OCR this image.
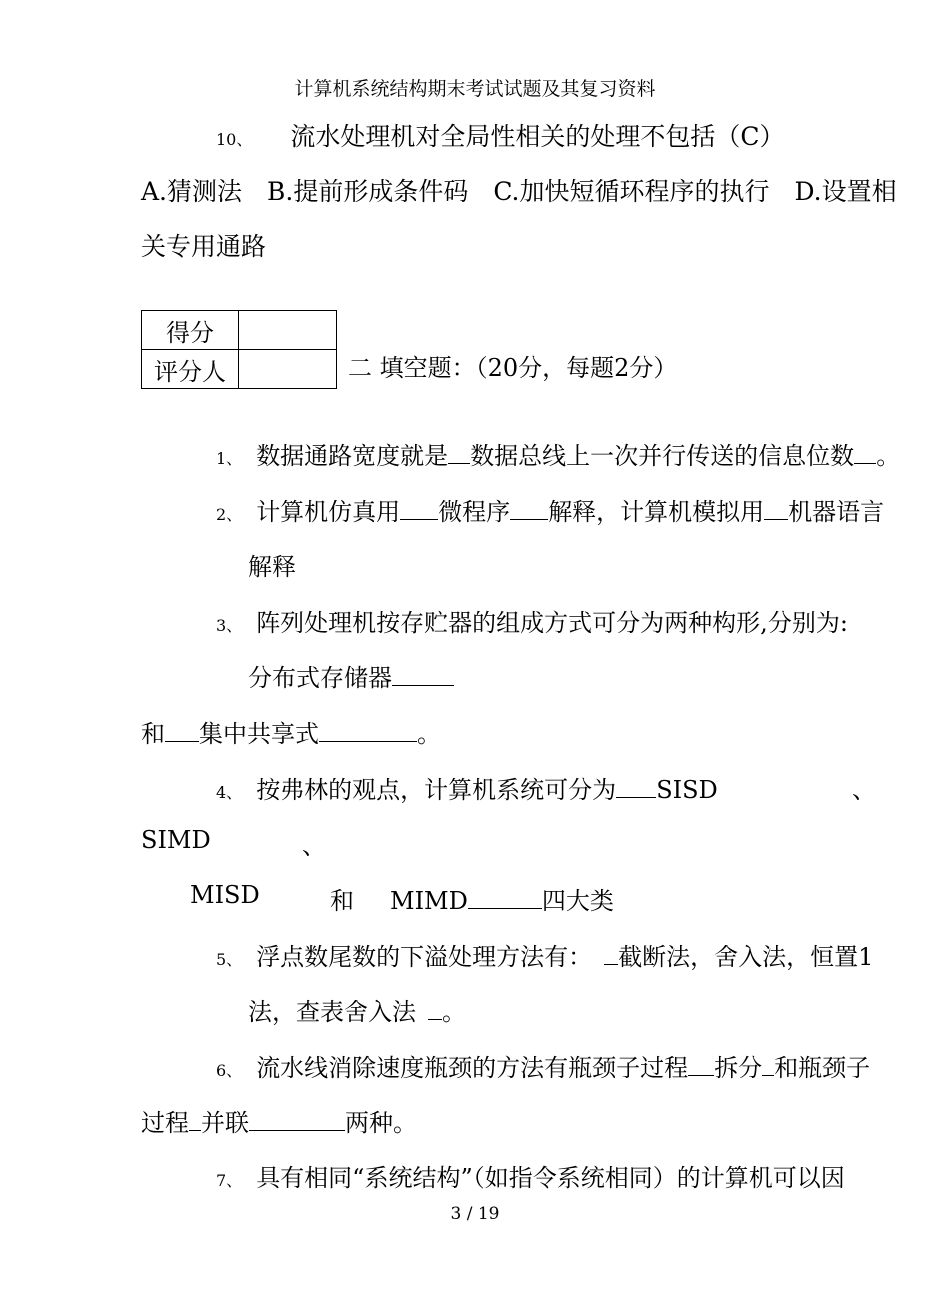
计算机系统结构期末考试试题及其复习资料
10、 流水处理机对全局性相关的处理不包括（C）
A.猜测法　B.提前形成条件码　C.加快短循环程序的执行　D.设置相
关专用通路
得分	
评分人		二 填空题：（20分，每题2分）
1、 数据通路宽度就是 数据总线上一次并行传送的信息位数 。
2、 计算机仿真用 微程序 解释，计算机模拟用 机器语言
解释
3、 阵列处理机按存贮器的组成方式可分为两种构形,分别为:
分布式存储器
和 集中共享式	。
4、 按弗林的观点，计算机系统可分为 SISD	、
SIMD	、
MISD	和 MIMD	四大类
5、 浮点数尾数的下溢处理方法有： 截断法，舍入法，恒置1
法，查表舍入法 。
6、 流水线消除速度瓶颈的方法有瓶颈子过程 拆分 和瓶颈子
过程 并联	两种。
7、 具有相同“系统结构”（如指令系统相同）的计算机可以因
3 / 19
